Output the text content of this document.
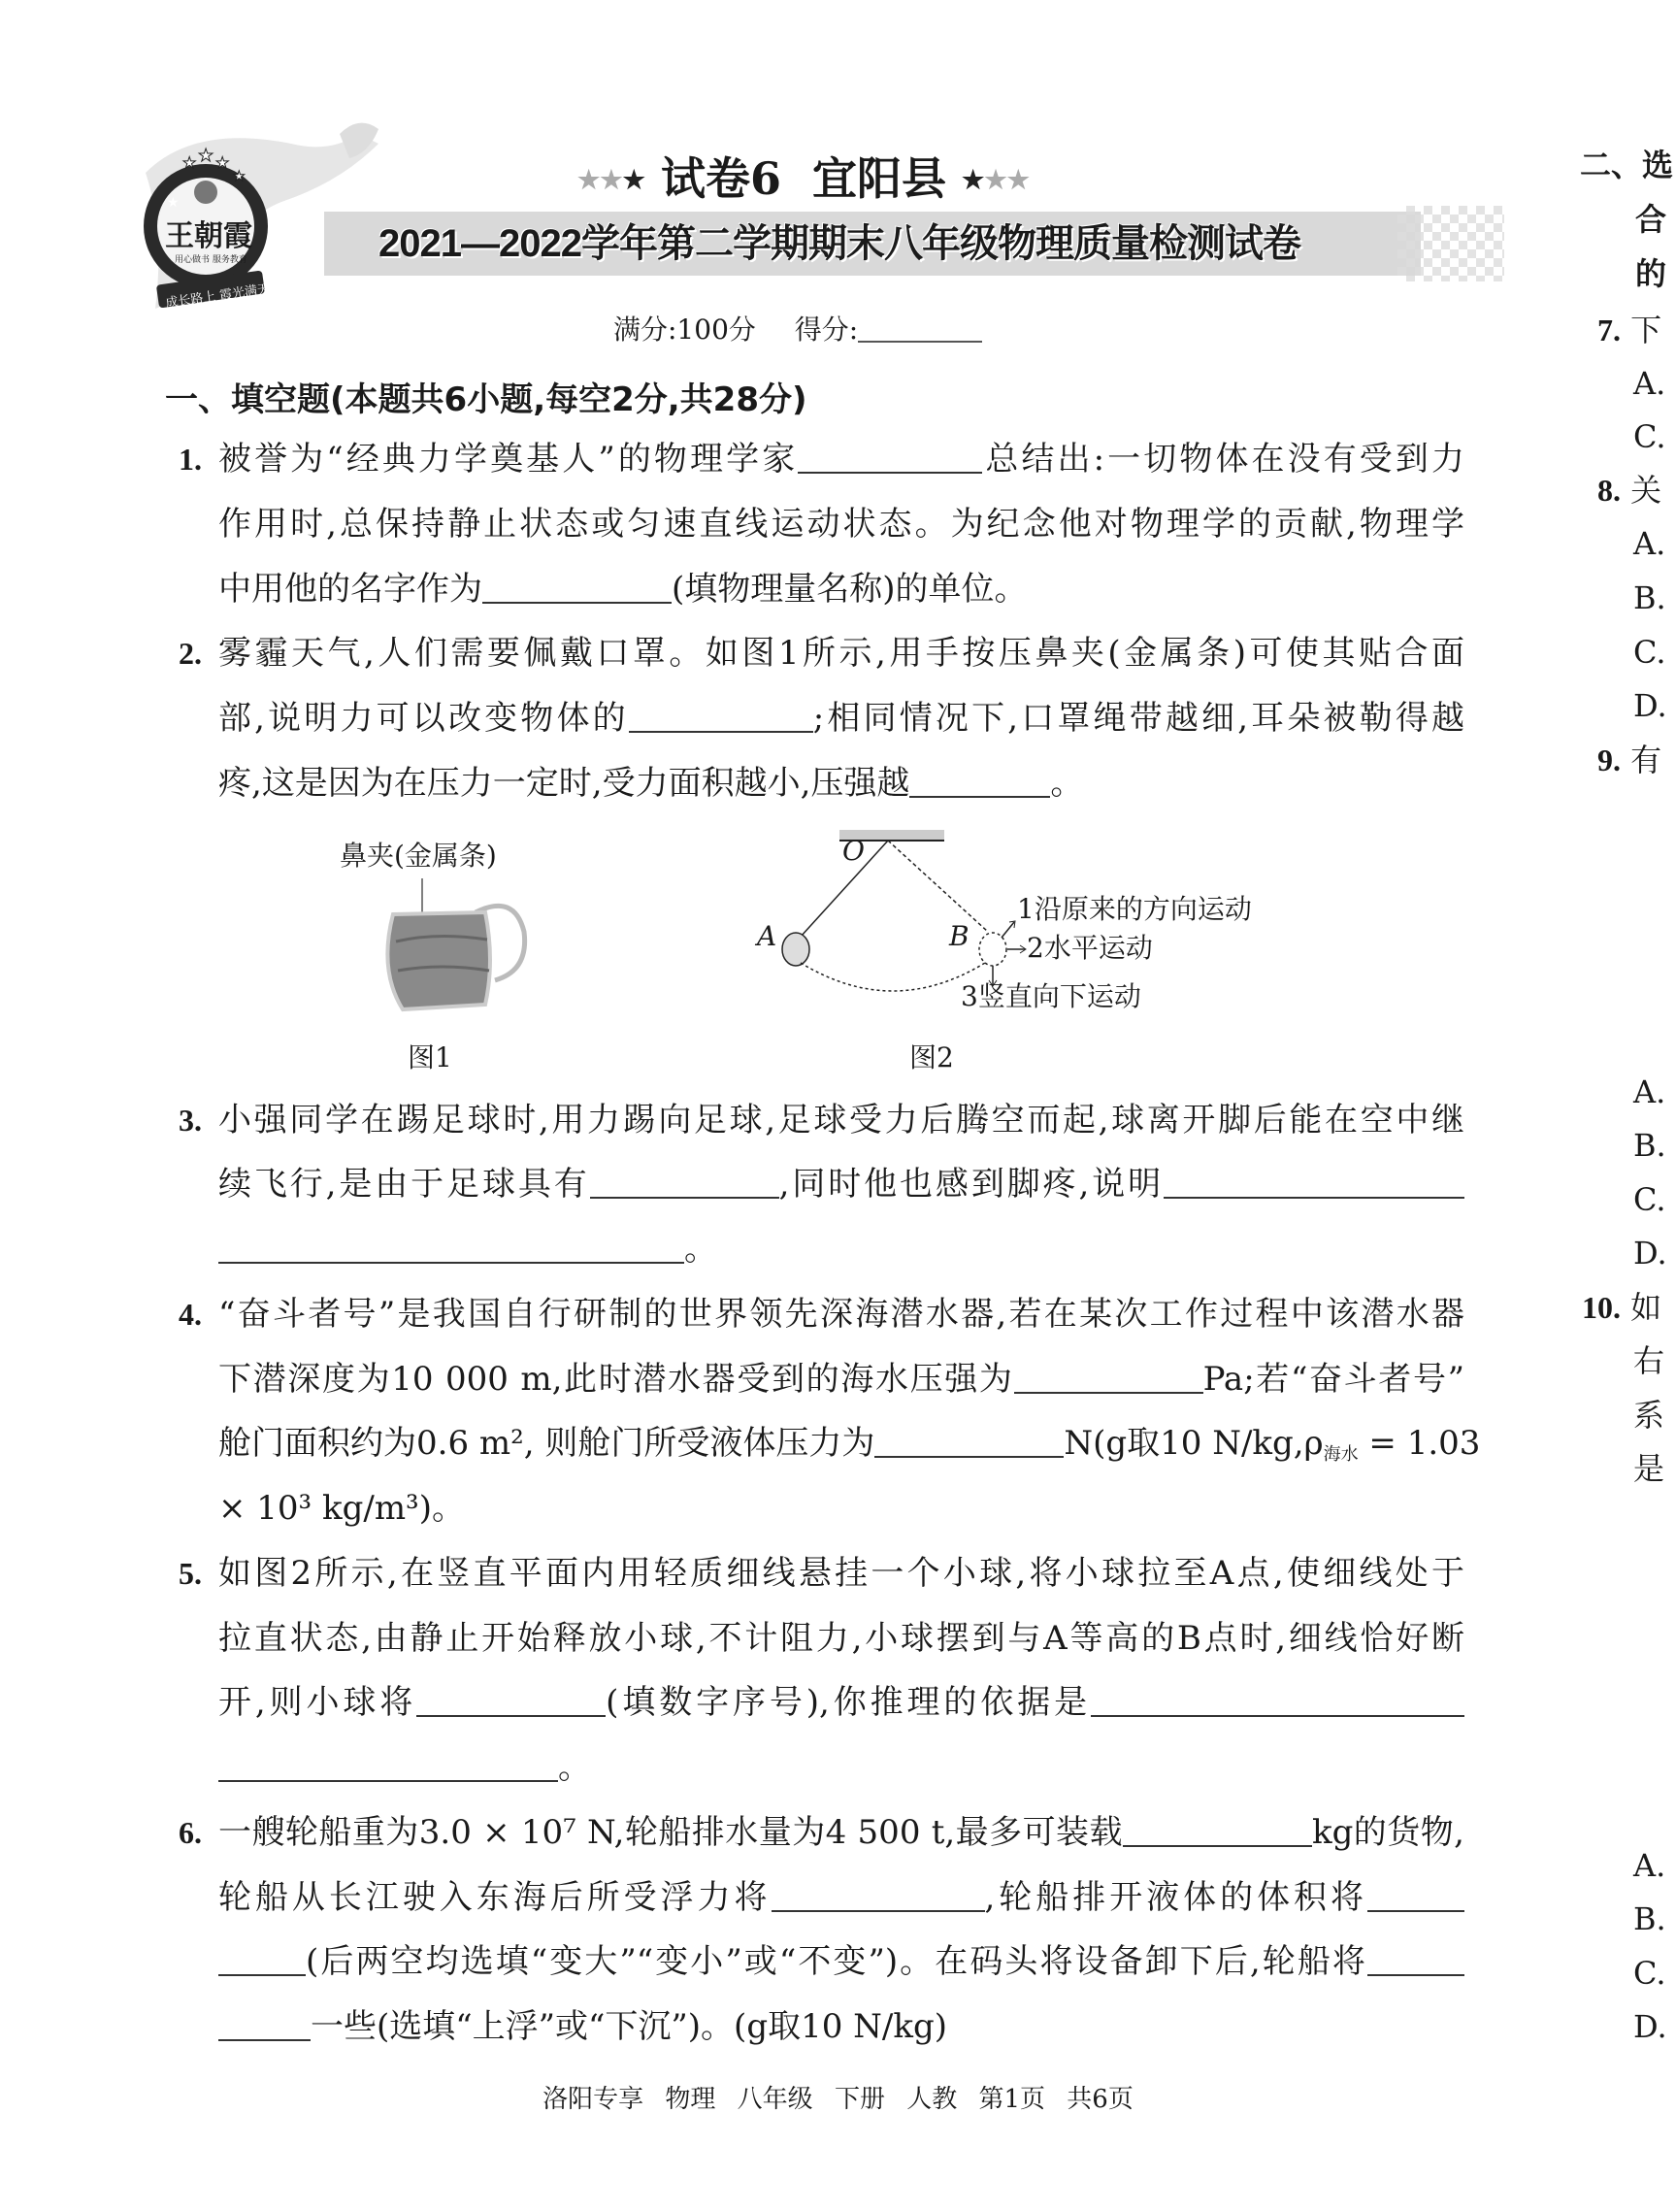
★
★ ★ ★
★
王朝霞
用心做书 服务教育
成长路上 霞光满天
★★★ 试卷6  宜阳县 ★★★
2021—2022学年第二学期期末八年级物理质量检测试卷
满分:100分 得分:
一、填空题(本题共6小题,每空2分,共28分)
1. 被誉为“经典力学奠基人”的物理学家	总结出:一切物体在没有受到力
作用时,总保持静止状态或匀速直线运动状态。为纪念他对物理学的贡献,物理学
中用他的名字作为	(填物理量名称)的单位。
2. 雾霾天气,人们需要佩戴口罩。如图1所示,用手按压鼻夹(金属条)可使其贴合面
部,说明力可以改变物体的	;相同情况下,口罩绳带越细,耳朵被勒得越
疼,这是因为在压力一定时,受力面积越小,压强越	。
鼻夹(金属条)
图1
O
A	B
1沿原来的方向运动
2水平运动
3竖直向下运动
图2
3. 小强同学在踢足球时,用力踢向足球,足球受力后腾空而起,球离开脚后能在空中继
续飞行,是由于足球具有	,同时他也感到脚疼,说明
。
4. “奋斗者号”是我国自行研制的世界领先深海潜水器,若在某次工作过程中该潜水器
下潜深度为10 000 m,此时潜水器受到的海水压强为	Pa;若“奋斗者号”
舱门面积约为0.6 m², 则舱门所受液体压力为	N(g取10 $N/kg,\rho_{海水} = 1.03$
× 10³ kg/m³)。
5. 如图2所示,在竖直平面内用轻质细线悬挂一个小球,将小球拉至A点,使细线处于
拉直状态,由静止开始释放小球,不计阻力,小球摆到与A等高的B点时,细线恰好断
开,则小球将	(填数字序号),你推理的依据是
。
6. 一艘轮船重为3.0 × 10⁷ N,轮船排水量为4 500 t,最多可装载	kg的货物,
轮船从长江驶入东海后所受浮力将	,轮船排开液体的体积将
(后两空均选填“变大”“变小”或“不变”)。在码头将设备卸下后,轮船将
一些(选填“上浮”或“下沉”)。(g取10 N/kg)
洛阳专享 物理 八年级 下册 人教 第1页 共6页
二、选
合
的
7. 下
A.
C.
8. 关
A.
B.
C.
D.
9. 有
A.
B.
C.
D.
10. 如
右
系
是
A.
B.
C.
D.
